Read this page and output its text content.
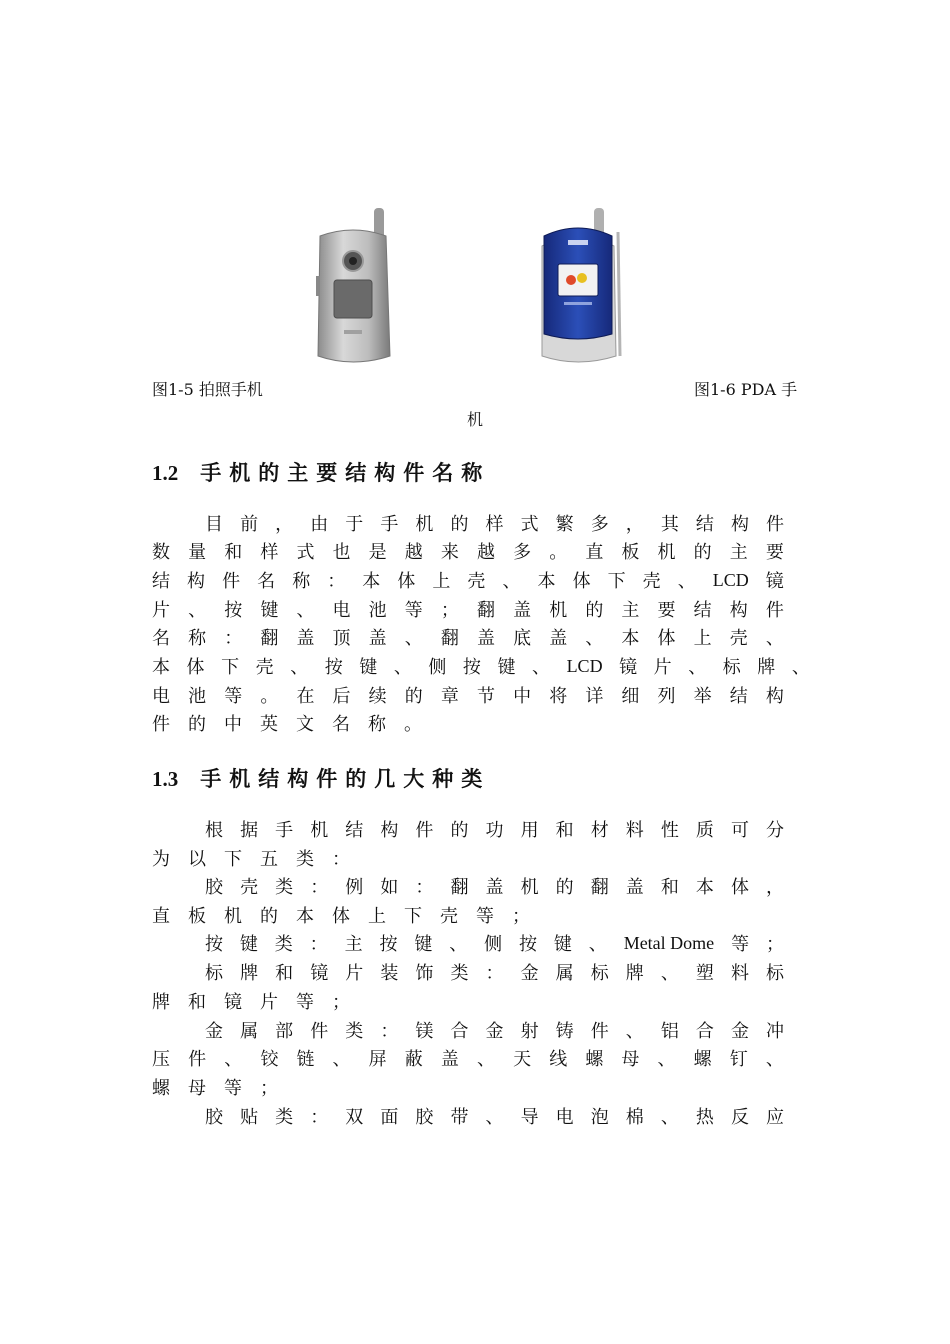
图1-5 拍照手机	图1-6 PDA 手
机
1.2 手机的主要结构件名称
目 前 ， 由 于 手 机 的 样 式 繁 多 ， 其 结 构 件
数 量 和 样 式 也 是 越 来 越 多 。 直 板 机 的 主 要
结 构 件 名 称 ： 本 体 上 壳 、 本 体 下 壳 、 LCD 镜
片 、 按 键 、 电 池 等 ； 翻 盖 机 的 主 要 结 构 件
名 称 ： 翻 盖 顶 盖 、 翻 盖 底 盖 、 本 体 上 壳 、
本 体 下 壳 、 按 键 、 侧 按 键 、 LCD 镜 片 、 标 牌 、
电 池 等 。 在 后 续 的 章 节 中 将 详 细 列 举 结 构
件 的 中 英 文 名 称 。
1.3 手机结构件的几大种类
根 据 手 机 结 构 件 的 功 用 和 材 料 性 质 可 分
为 以 下 五 类 ：
胶 壳 类 ： 例 如 ： 翻 盖 机 的 翻 盖 和 本 体 ，
直 板 机 的 本 体 上 下 壳 等 ；
按 键 类 ： 主 按 键 、 侧 按 键 、 Metal Dome 等 ；
标 牌 和 镜 片 装 饰 类 ： 金 属 标 牌 、 塑 料 标
牌 和 镜 片 等 ；
金 属 部 件 类 ： 镁 合 金 射 铸 件 、 铝 合 金 冲
压 件 、 铰 链 、 屏 蔽 盖 、 天 线 螺 母 、 螺 钉 、
螺 母 等 ；
胶 贴 类 ： 双 面 胶 带 、 导 电 泡 棉 、 热 反 应
